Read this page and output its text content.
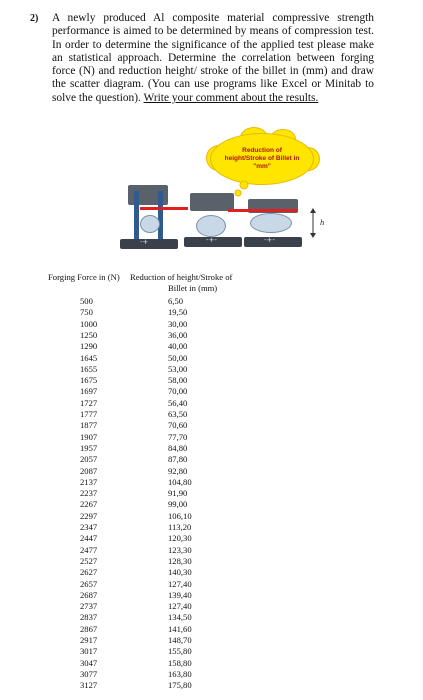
2) A newly produced Al composite material compressive strength performance is aimed to be determined by means of compression test. In order to determine the significance of the applied test please make an statistical approach. Determine the correlation between forging force (N) and reduction height/ stroke of the billet in (mm) and draw the scatter diagram. (You can use programs like Excel or Minitab to solve the question). Write your comment about the results.
Reduction of height/Stroke of Billet in "mm"
-+	-+-	-+-
ℎ
Forging Force in (N) Reduction of height/Stroke of
Billet in (mm)
500	6,50
750	19,50
1000	30,00
1250	36,00
1290	40,00
1645	50,00
1655	53,00
1675	58,00
1697	70,00
1727	56,40
1777	63,50
1877	70,60
1907	77,70
1957	84,80
2057	87,80
2087	92,80
2137	104,80
2237	91,90
2267	99,00
2297	106,10
2347	113,20
2447	120,30
2477	123,30
2527	128,30
2627	140,30
2657	127,40
2687	139,40
2737	127,40
2837	134,50
2867	141,60
2917	148,70
3017	155,80
3047	158,80
3077	163,80
3127	175,80
